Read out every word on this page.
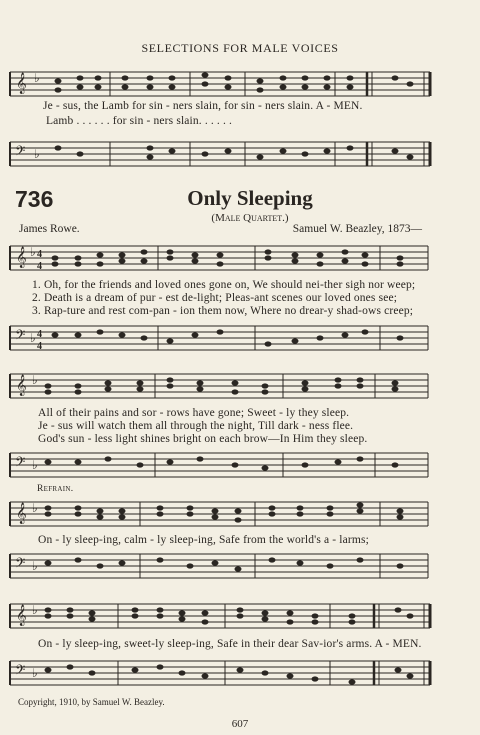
SELECTIONS FOR MALE VOICES
𝄞 ♭
Je - sus, the Lamb for sin - ners slain, for sin - ners slain. A - MEN.
Lamb . . . . . . for sin - ners slain. . . . . .
𝄢 ♭
736	Only Sleeping
(Male Quartet.)
James Rowe.	Samuel W. Beazley, 1873—
𝄞 ♭ 4
4
1. Oh, for the friends and loved ones gone on, We should nei-ther sigh nor weep;
2. Death is a dream of pur - est de-light; Pleas-ant scenes our loved ones see;
3. Rap-ture and rest com-pan - ion them now, Where no drear-y shad-ows creep;
𝄢 ♭ 4
4
𝄞 ♭
All of their pains and sor - rows have gone; Sweet - ly they sleep.
Je - sus will watch them all through the night, Till dark - ness flee.
God's sun - less light shines bright on each brow—In Him they sleep.
𝄢 ♭
Refrain.
𝄞 ♭
On - ly sleep-ing, calm - ly sleep-ing, Safe from the world's a - larms;
𝄢 ♭
𝄞 ♭
On - ly sleep-ing, sweet-ly sleep-ing, Safe in their dear Sav-ior's arms. A - MEN.
𝄢 ♭
Copyright, 1910, by Samuel W. Beazley.
607
